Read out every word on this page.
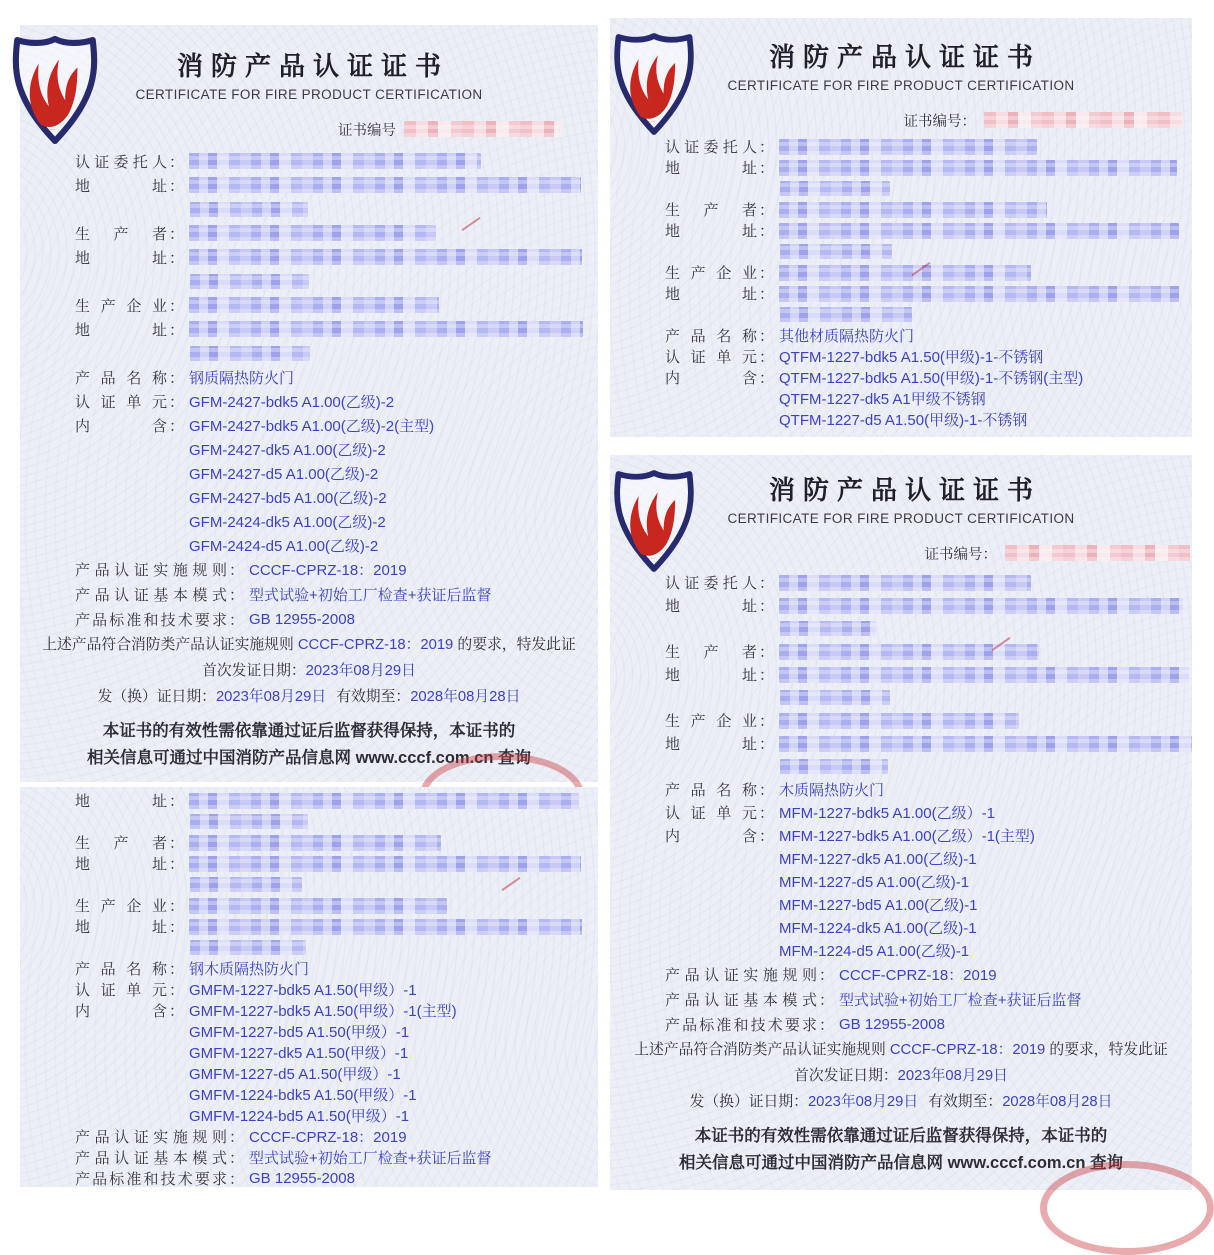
消防产品认证证书
CERTIFICATE FOR FIRE PRODUCT CERTIFICATION
证书编号
认证委托人 ：
地址 ：
生产者 ：
地址 ：
生产企业 ：
地址 ：
产品名称 ： 钢质隔热防火门
认证单元 ： GFM-2427-bdk5 A1.00(乙级)-2
内含 ： GFM-2427-bdk5 A1.00(乙级)-2(主型)
GFM-2427-dk5 A1.00(乙级)-2
GFM-2427-d5 A1.00(乙级)-2
GFM-2427-bd5 A1.00(乙级)-2
GFM-2424-dk5 A1.00(乙级)-2
GFM-2424-d5 A1.00(乙级)-2
产品认证实施规则 ： CCCF-CPRZ-18：2019
产品认证基本模式 ： 型式试验+初始工厂检查+获证后监督
产品标准和技术要求 ： GB 12955-2008
上述产品符合消防类产品认证实施规则 CCCF-CPRZ-18：2019 的要求，特发此证
首次发证日期：2023年08月29日
发（换）证日期：2023年08月29日 有效期至：2028年08月28日
本证书的有效性需依靠通过证后监督获得保持，本证书的
相关信息可通过中国消防产品信息网 www.cccf.com.cn 查询
地址 ：
生产者 ：
地址 ：
生产企业 ：
地址 ：
产品名称 ： 钢木质隔热防火门
认证单元 ： GMFM-1227-bdk5 A1.50(甲级）-1
内含 ： GMFM-1227-bdk5 A1.50(甲级）-1(主型)
GMFM-1227-bd5 A1.50(甲级）-1
GMFM-1227-dk5 A1.50(甲级）-1
GMFM-1227-d5 A1.50(甲级）-1
GMFM-1224-bdk5 A1.50(甲级）-1
GMFM-1224-bd5 A1.50(甲级）-1
产品认证实施规则 ： CCCF-CPRZ-18：2019
产品认证基本模式 ： 型式试验+初始工厂检查+获证后监督
产品标准和技术要求 ： GB 12955-2008
消防产品认证证书
CERTIFICATE FOR FIRE PRODUCT CERTIFICATION
证书编号：
认证委托人 ：
地址 ：
生产者 ：
地址 ：
生产企业 ：
地址 ：
产品名称 ： 其他材质隔热防火门
认证单元 ： QTFM-1227-bdk5 A1.50(甲级)-1-不锈钢
内含 ： QTFM-1227-bdk5 A1.50(甲级)-1-不锈钢(主型)
QTFM-1227-dk5 A1甲级不锈钢
QTFM-1227-d5 A1.50(甲级)-1-不锈钢
消防产品认证证书
CERTIFICATE FOR FIRE PRODUCT CERTIFICATION
证书编号：
认证委托人 ：
地址 ：
生产者 ：
地址 ：
生产企业 ：
地址 ：
产品名称 ： 木质隔热防火门
认证单元 ： MFM-1227-bdk5 A1.00(乙级）-1
内含 ： MFM-1227-bdk5 A1.00(乙级）-1(主型)
MFM-1227-dk5 A1.00(乙级)-1
MFM-1227-d5 A1.00(乙级)-1
MFM-1227-bd5 A1.00(乙级)-1
MFM-1224-dk5 A1.00(乙级)-1
MFM-1224-d5 A1.00(乙级)-1
产品认证实施规则 ： CCCF-CPRZ-18：2019
产品认证基本模式 ： 型式试验+初始工厂检查+获证后监督
产品标准和技术要求 ： GB 12955-2008
上述产品符合消防类产品认证实施规则 CCCF-CPRZ-18：2019 的要求，特发此证
首次发证日期：2023年08月29日
发（换）证日期：2023年08月29日 有效期至：2028年08月28日
本证书的有效性需依靠通过证后监督获得保持，本证书的
相关信息可通过中国消防产品信息网 www.cccf.com.cn 查询
